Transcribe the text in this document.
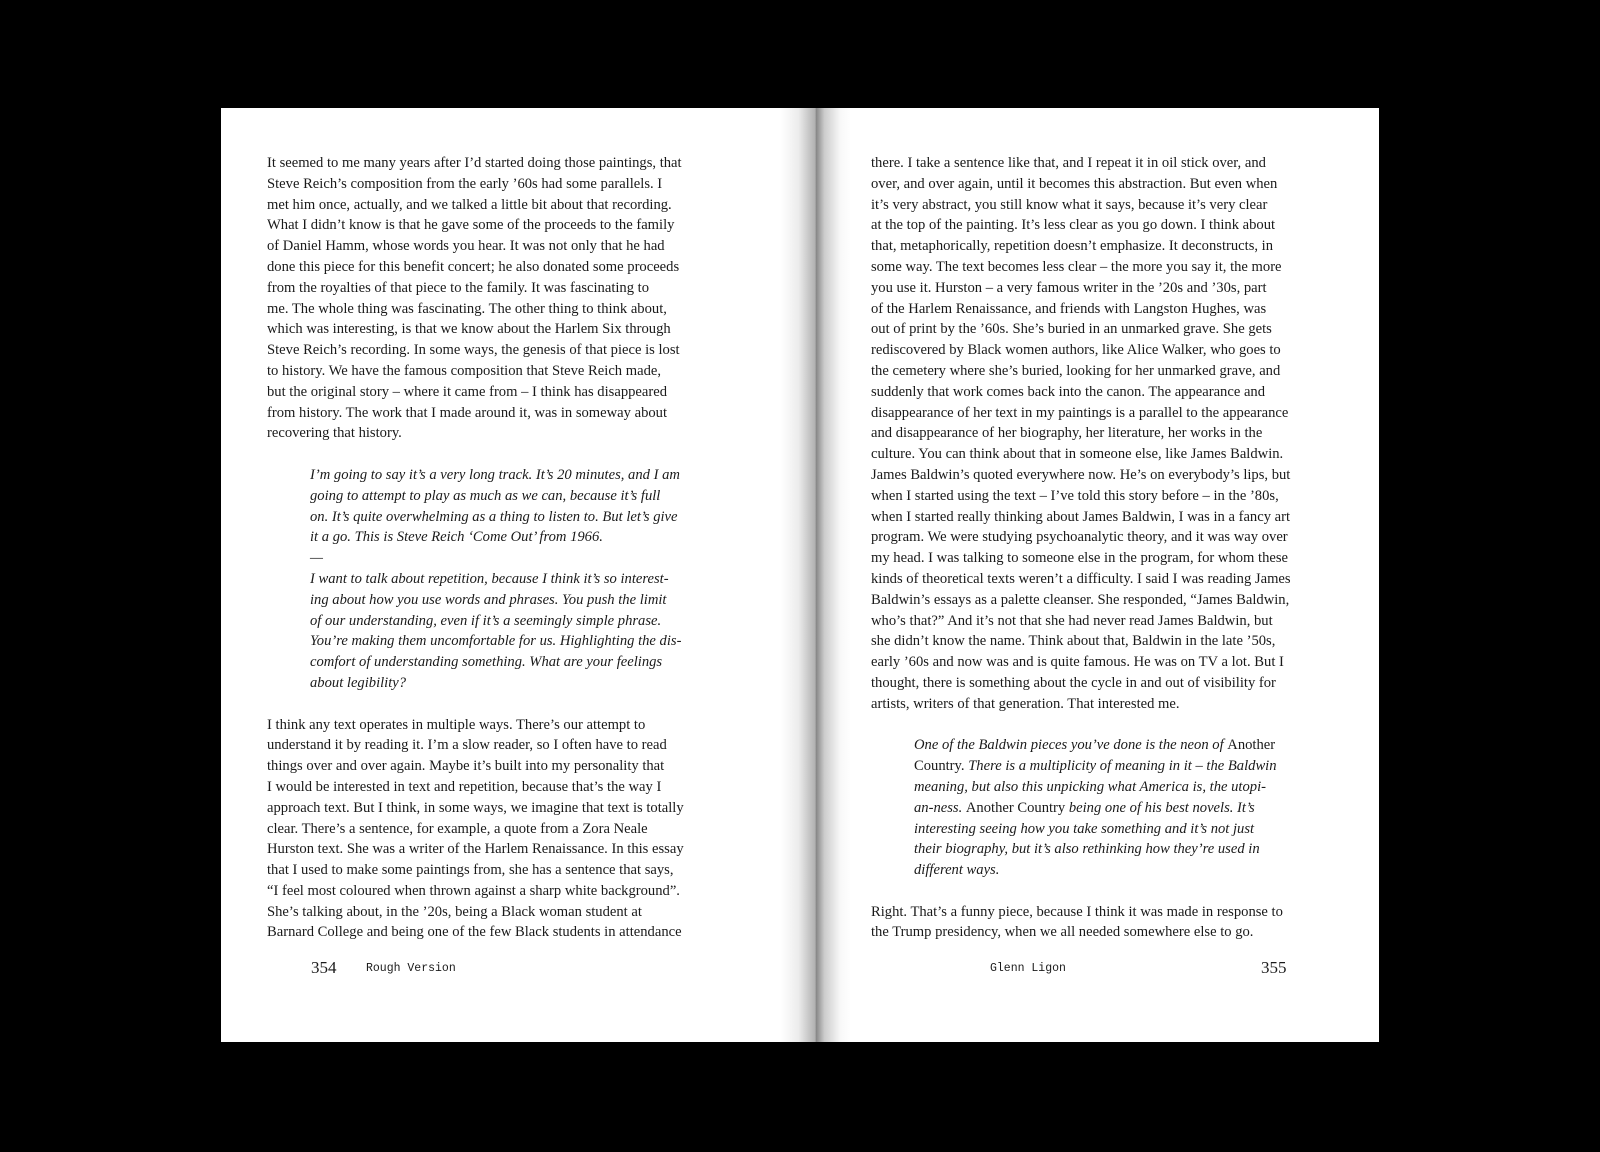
It seemed to me many years after I’d started doing those paintings, that

Steve Reich’s composition from the early ’60s had some parallels. I

met him once, actually, and we talked a little bit about that recording.

What I didn’t know is that he gave some of the proceeds to the family

of Daniel Hamm, whose words you hear. It was not only that he had

done this piece for this benefit concert; he also donated some proceeds

from the royalties of that piece to the family. It was fascinating to

me. The whole thing was fascinating. The other thing to think about,

which was interesting, is that we know about the Harlem Six through

Steve Reich’s recording. In some ways, the genesis of that piece is lost

to history. We have the famous composition that Steve Reich made,

but the original story – where it came from – I think has disappeared

from history. The work that I made around it, was in someway about

recovering that history.

I’m going to say it’s a very long track. It’s 20 minutes, and I am

going to attempt to play as much as we can, because it’s full

on. It’s quite overwhelming as a thing to listen to. But let’s give

it a go. This is Steve Reich ‘Come Out’ from 1966.

—

I want to talk about repetition, because I think it’s so interest-

ing about how you use words and phrases. You push the limit

of our understanding, even if it’s a seemingly simple phrase.

You’re making them uncomfortable for us. Highlighting the dis-

comfort of understanding something. What are your feelings

about legibility?

I think any text operates in multiple ways. There’s our attempt to

understand it by reading it. I’m a slow reader, so I often have to read

things over and over again. Maybe it’s built into my personality that

I would be interested in text and repetition, because that’s the way I

approach text. But I think, in some ways, we imagine that text is totally

clear. There’s a sentence, for example, a quote from a Zora Neale

Hurston text. She was a writer of the Harlem Renaissance. In this essay

that I used to make some paintings from, she has a sentence that says,

“I feel most coloured when thrown against a sharp white background”.

She’s talking about, in the ’20s, being a Black woman student at

Barnard College and being one of the few Black students in attendance

354	Rough Version

there. I take a sentence like that, and I repeat it in oil stick over, and

over, and over again, until it becomes this abstraction. But even when

it’s very abstract, you still know what it says, because it’s very clear

at the top of the painting. It’s less clear as you go down. I think about

that, metaphorically, repetition doesn’t emphasize. It deconstructs, in

some way. The text becomes less clear – the more you say it, the more

you use it. Hurston – a very famous writer in the ’20s and ’30s, part

of the Harlem Renaissance, and friends with Langston Hughes, was

out of print by the ’60s. She’s buried in an unmarked grave. She gets

rediscovered by Black women authors, like Alice Walker, who goes to

the cemetery where she’s buried, looking for her unmarked grave, and

suddenly that work comes back into the canon. The appearance and

disappearance of her text in my paintings is a parallel to the appearance

and disappearance of her biography, her literature, her works in the

culture. You can think about that in someone else, like James Baldwin.

James Baldwin’s quoted everywhere now. He’s on everybody’s lips, but

when I started using the text – I’ve told this story before – in the ’80s,

when I started really thinking about James Baldwin, I was in a fancy art

program. We were studying psychoanalytic theory, and it was way over

my head. I was talking to someone else in the program, for whom these

kinds of theoretical texts weren’t a difficulty. I said I was reading James

Baldwin’s essays as a palette cleanser. She responded, “James Baldwin,

who’s that?” And it’s not that she had never read James Baldwin, but

she didn’t know the name. Think about that, Baldwin in the late ’50s,

early ’60s and now was and is quite famous. He was on TV a lot. But I

thought, there is something about the cycle in and out of visibility for

artists, writers of that generation. That interested me.

One of the Baldwin pieces you’ve done is the neon of Another

Country. There is a multiplicity of meaning in it – the Baldwin

meaning, but also this unpicking what America is, the utopi-

an-ness. Another Country being one of his best novels. It’s

interesting seeing how you take something and it’s not just

their biography, but it’s also rethinking how they’re used in

different ways.

Right. That’s a funny piece, because I think it was made in response to

the Trump presidency, when we all needed somewhere else to go.

Glenn Ligon	355
